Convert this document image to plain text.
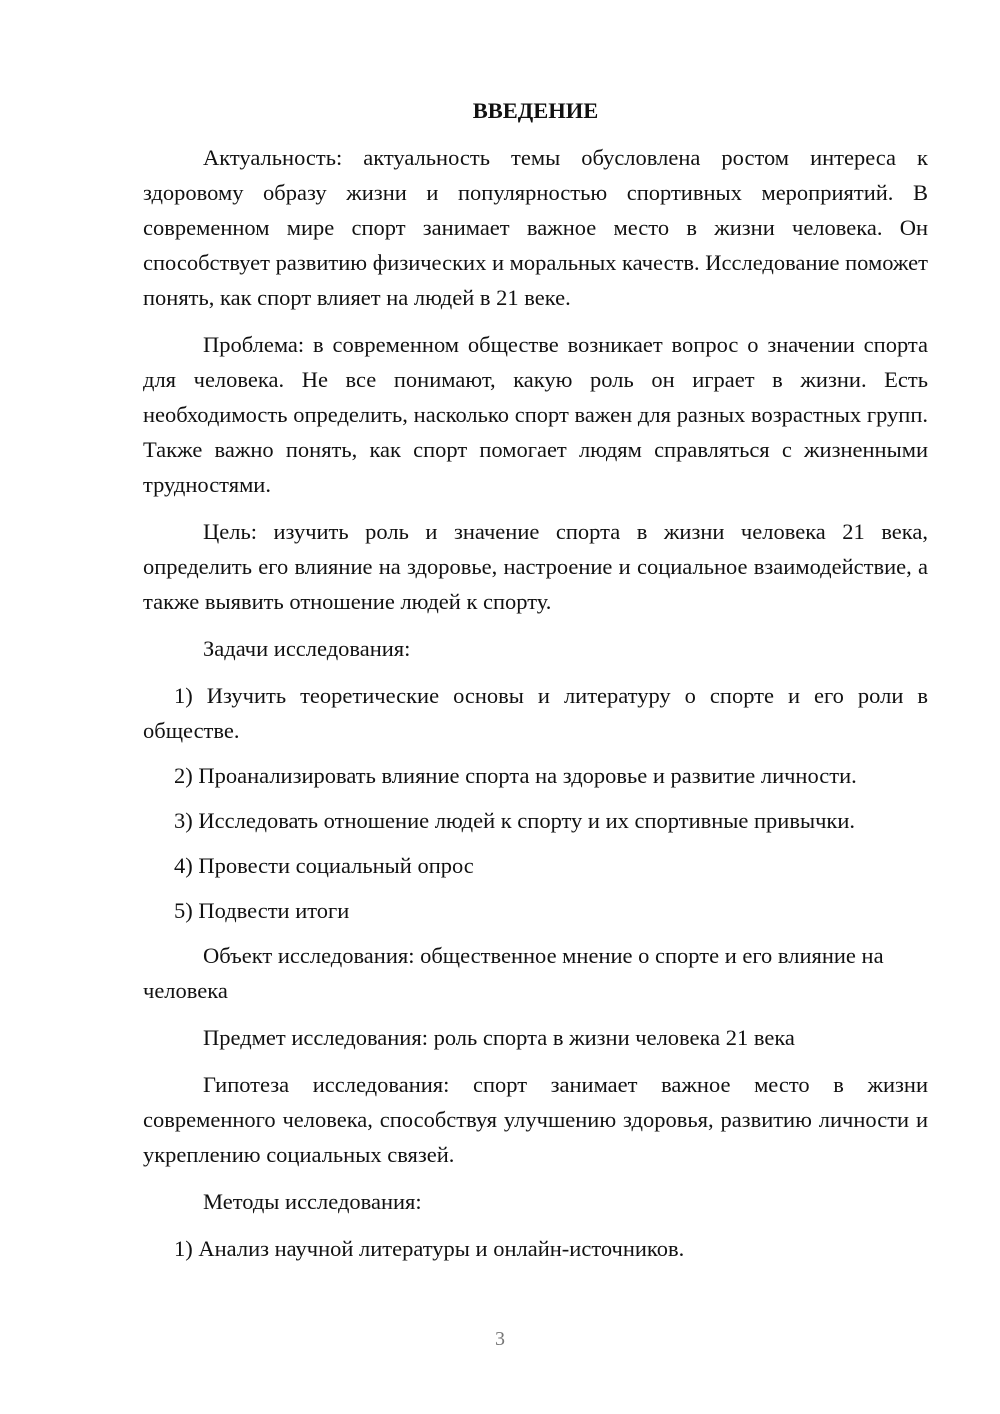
ВВЕДЕНИЕ

Актуальность: актуальность темы обусловлена ростом интереса к здоровому образу жизни и популярностью спортивных мероприятий. В современном мире спорт занимает важное место в жизни человека. Он способствует развитию физических и моральных качеств. Исследование поможет понять, как спорт влияет на людей в 21 веке.

Проблема: в современном обществе возникает вопрос о значении спорта для человека. Не все понимают, какую роль он играет в жизни. Есть необходимость определить, насколько спорт важен для разных возрастных групп. Также важно понять, как спорт помогает людям справляться с жизненными трудностями.

Цель: изучить роль и значение спорта в жизни человека 21 века, определить его влияние на здоровье, настроение и социальное взаимодействие, а также выявить отношение людей к спорту.

Задачи исследования:

1) Изучить теоретические основы и литературу о спорте и его роли в обществе.

2) Проанализировать влияние спорта на здоровье и развитие личности.

3) Исследовать отношение людей к спорту и их спортивные привычки.

4) Провести социальный опрос

5) Подвести итоги

Объект исследования: общественное мнение о спорте и его влияние на человека

Предмет исследования: роль спорта в жизни человека 21 века

Гипотеза исследования: спорт занимает важное место в жизни современного человека, способствуя улучшению здоровья, развитию личности и укреплению социальных связей.

Методы исследования:

1) Анализ научной литературы и онлайн-источников.

3
